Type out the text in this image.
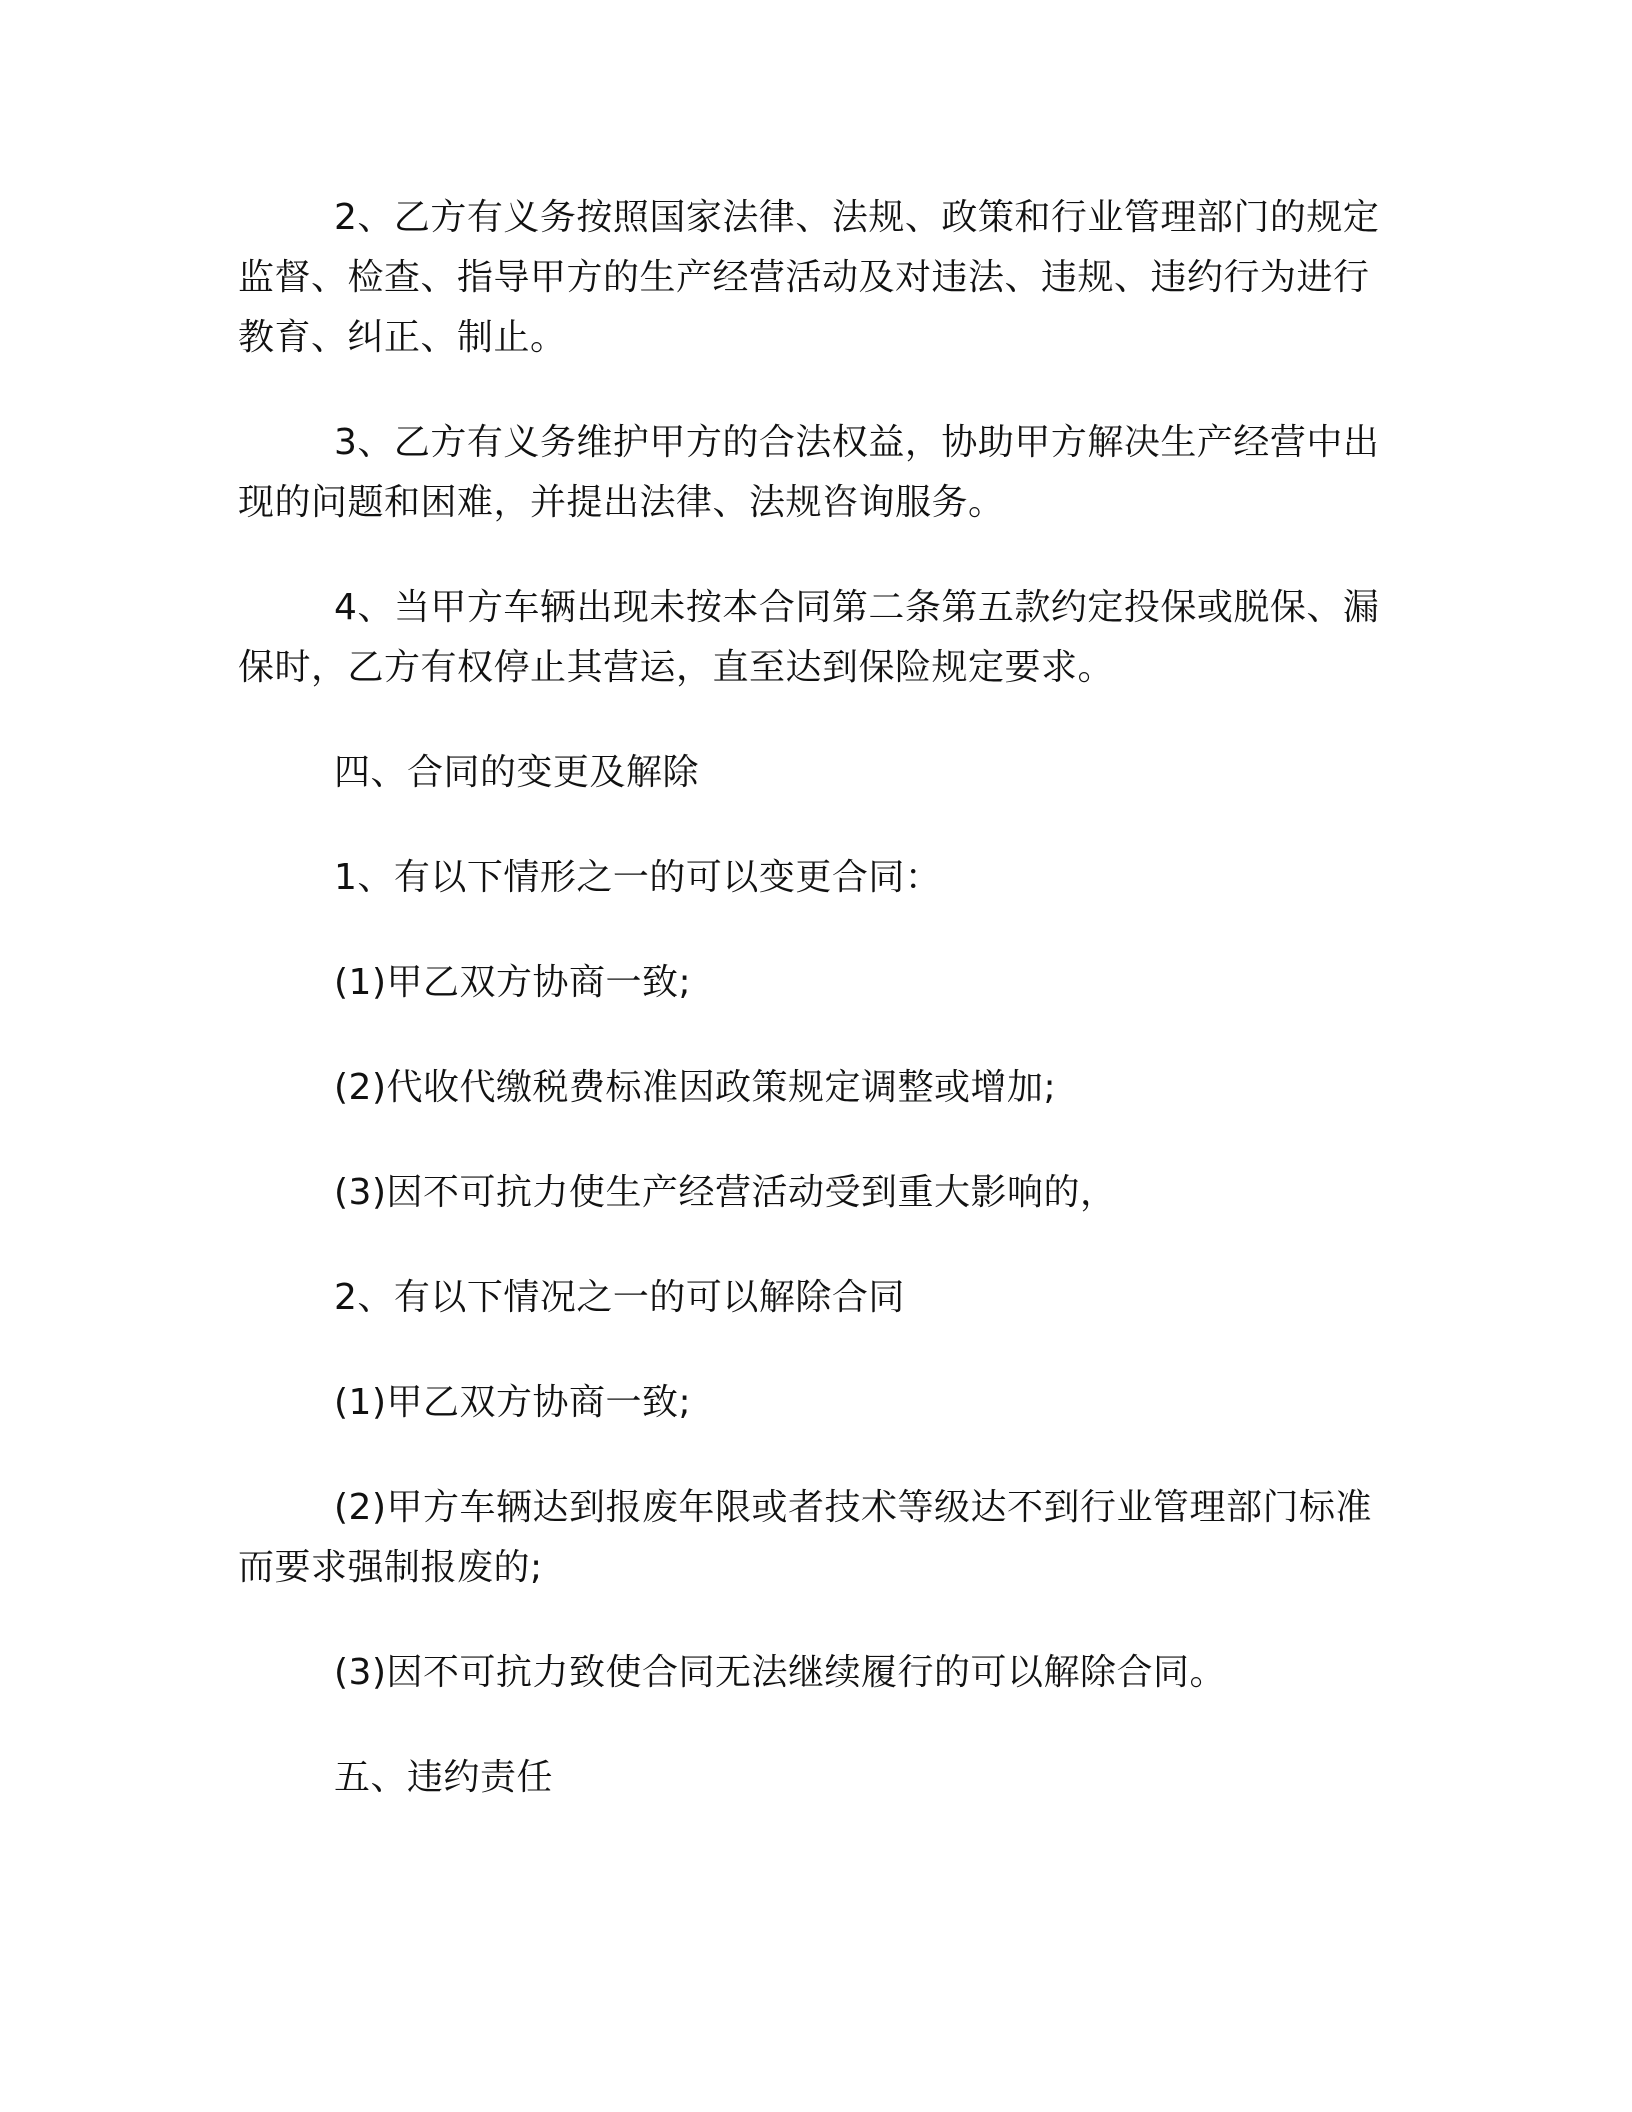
2、乙方有义务按照国家法律、法规、政策和行业管理部门的规定监督、检查、指导甲方的生产经营活动及对违法、违规、违约行为进行教育、纠正、制止。

3、乙方有义务维护甲方的合法权益，协助甲方解决生产经营中出现的问题和困难，并提出法律、法规咨询服务。

4、当甲方车辆出现未按本合同第二条第五款约定投保或脱保、漏保时，乙方有权停止其营运，直至达到保险规定要求。

四、合同的变更及解除

1、有以下情形之一的可以变更合同：

(1)甲乙双方协商一致;

(2)代收代缴税费标准因政策规定调整或增加;

(3)因不可抗力使生产经营活动受到重大影响的，

2、有以下情况之一的可以解除合同

(1)甲乙双方协商一致;

(2)甲方车辆达到报废年限或者技术等级达不到行业管理部门标准而要求强制报废的;

(3)因不可抗力致使合同无法继续履行的可以解除合同。

五、违约责任
